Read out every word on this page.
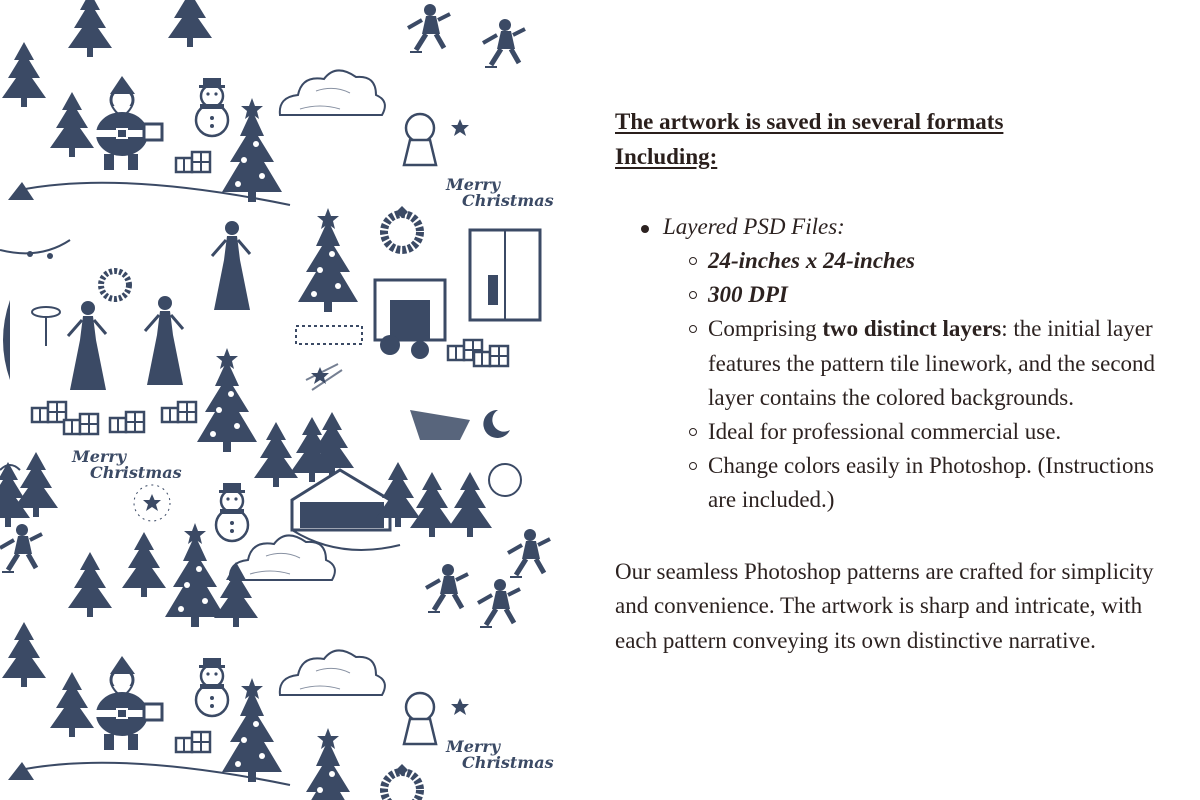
Merry
Christmas
Merry
Christmas
Merry
Christmas
The artwork is saved in several formats
Including:
Layered PSD Files:
24-inches x 24-inches
300 DPI
Comprising two distinct layers: the initial layer features the pattern tile linework, and the second layer contains the colored backgrounds.
Ideal for professional commercial use.
Change colors easily in Photoshop. (Instructions are included.)

Our seamless Photoshop patterns are crafted for simplicity and convenience. The artwork is sharp and intricate, with each pattern conveying its own distinctive narrative.
